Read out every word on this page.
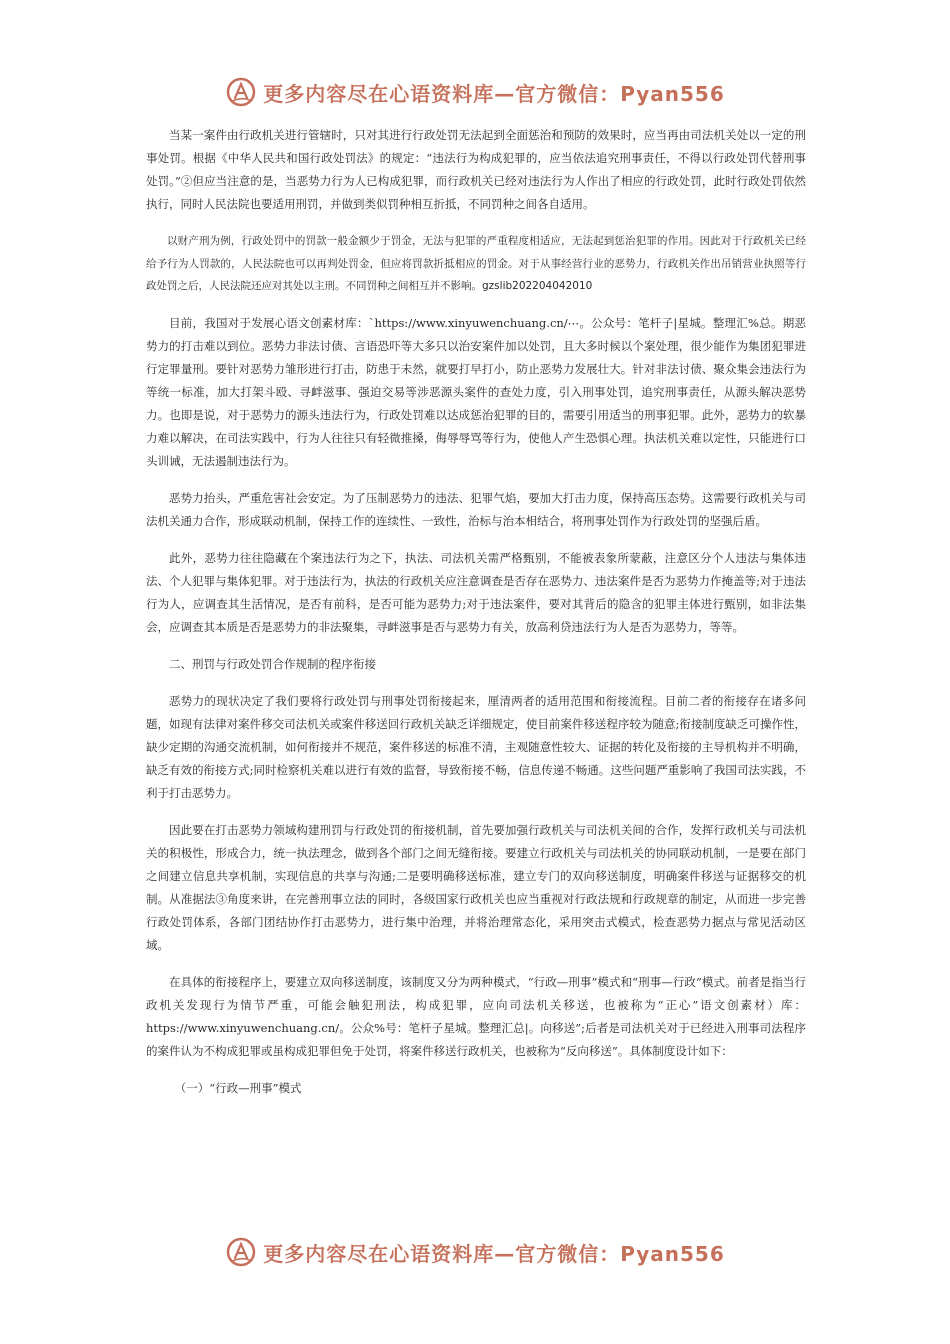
更多内容尽在心语资料库—官方微信：Pyan556

当某一案件由行政机关进行管辖时，只对其进行行政处罚无法起到全面惩治和预防的效果时，应当再由司法机关处以一定的刑事处罚。根据《中华人民共和国行政处罚法》的规定：“违法行为构成犯罪的，应当依法追究刑事责任，不得以行政处罚代替刑事处罚。”②但应当注意的是，当恶势力行为人已构成犯罪，而行政机关已经对违法行为人作出了相应的行政处罚，此时行政处罚依然执行，同时人民法院也要适用刑罚，并做到类似罚种相互折抵，不同罚种之间各自适用。

以财产刑为例，行政处罚中的罚款一般金额少于罚金，无法与犯罪的严重程度相适应，无法起到惩治犯罪的作用。因此对于行政机关已经给予行为人罚款的，人民法院也可以再判处罚金，但应将罚款折抵相应的罚金。对于从事经营行业的恶势力，行政机关作出吊销营业执照等行政处罚之后，人民法院还应对其处以主刑。不同罚种之间相互并不影响。gzslib202204042010

目前，我国对于发展心语文创素材库：`https://www.xinyuwenchuang.cn/⋯。公众号：笔杆子|星城。整理汇%总。期恶势力的打击难以到位。恶势力非法讨债、言语恐吓等大多只以治安案件加以处罚，且大多时候以个案处理，很少能作为集团犯罪进行定罪量刑。要针对恶势力雏形进行打击，防患于未然，就要打早打小，防止恶势力发展壮大。针对非法讨债、聚众集会违法行为等统一标准，加大打架斗殴、寻衅滋事、强迫交易等涉恶源头案件的查处力度，引入刑事处罚，追究刑事责任，从源头解决恶势力。也即是说，对于恶势力的源头违法行为，行政处罚难以达成惩治犯罪的目的，需要引用适当的刑事犯罪。此外，恶势力的软暴力难以解决，在司法实践中，行为人往往只有轻微推搡，侮辱辱骂等行为，使他人产生恐惧心理。执法机关难以定性，只能进行口头训诫，无法遏制违法行为。

恶势力抬头，严重危害社会安定。为了压制恶势力的违法、犯罪气焰，要加大打击力度，保持高压态势。这需要行政机关与司法机关通力合作，形成联动机制，保持工作的连续性、一致性，治标与治本相结合，将刑事处罚作为行政处罚的坚强后盾。

此外，恶势力往往隐藏在个案违法行为之下，执法、司法机关需严格甄别，不能被表象所蒙蔽，注意区分个人违法与集体违法、个人犯罪与集体犯罪。对于违法行为，执法的行政机关应注意调查是否存在恶势力、违法案件是否为恶势力作掩盖等;对于违法行为人，应调查其生活情况，是否有前科，是否可能为恶势力;对于违法案件，要对其背后的隐含的犯罪主体进行甄别，如非法集会，应调查其本质是否是恶势力的非法聚集，寻衅滋事是否与恶势力有关，放高利贷违法行为人是否为恶势力，等等。

二、刑罚与行政处罚合作规制的程序衔接

恶势力的现状决定了我们要将行政处罚与刑事处罚衔接起来，厘清两者的适用范围和衔接流程。目前二者的衔接存在诸多问题，如现有法律对案件移交司法机关或案件移送回行政机关缺乏详细规定，使目前案件移送程序较为随意;衔接制度缺乏可操作性，缺少定期的沟通交流机制，如何衔接并不规范，案件移送的标准不清，主观随意性较大、证据的转化及衔接的主导机构并不明确，缺乏有效的衔接方式;同时检察机关难以进行有效的监督，导致衔接不畅，信息传递不畅通。这些问题严重影响了我国司法实践，不利于打击恶势力。

因此要在打击恶势力领域构建刑罚与行政处罚的衔接机制，首先要加强行政机关与司法机关间的合作，发挥行政机关与司法机关的积极性，形成合力，统一执法理念，做到各个部门之间无缝衔接。要建立行政机关与司法机关的协同联动机制，一是要在部门之间建立信息共享机制，实现信息的共享与沟通;二是要明确移送标准，建立专门的双向移送制度，明确案件移送与证据移交的机制。从准据法③角度来讲，在完善刑事立法的同时，各级国家行政机关也应当重视对行政法规和行政规章的制定，从而进一步完善行政处罚体系，各部门团结协作打击恶势力，进行集中治理，并将治理常态化，采用突击式模式，检查恶势力据点与常见活动区域。

在具体的衔接程序上，要建立双向移送制度，该制度又分为两种模式，“行政—刑事”模式和“刑事—行政”模式。前者是指当行政机关发现行为情节严重，可能会触犯刑法，构成犯罪，应向司法机关移送，也被称为“正心”语文创素材）库：https://www.xinyuwenchuang.cn/。公众%号：笔杆子星城。整理汇总|。向移送”;后者是司法机关对于已经进入刑事司法程序的案件认为不构成犯罪或虽构成犯罪但免于处罚，将案件移送行政机关，也被称为“反向移送”。具体制度设计如下：

（一）“行政—刑事”模式

更多内容尽在心语资料库—官方微信：Pyan556
